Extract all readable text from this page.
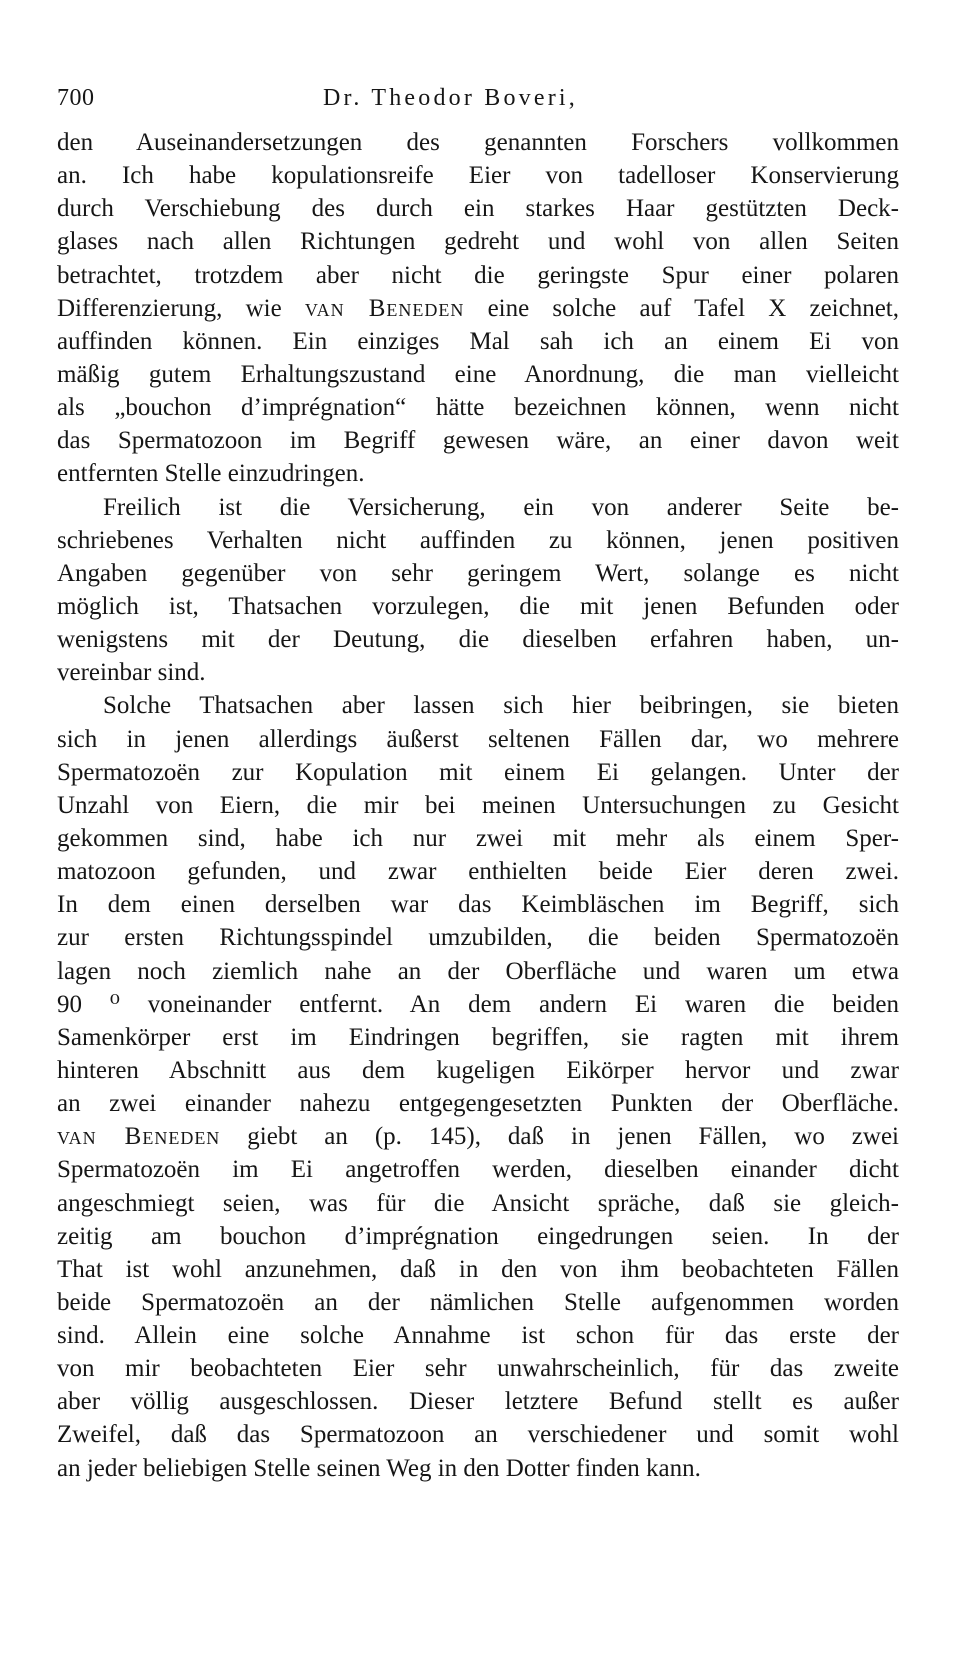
700	Dr. Theodor Boveri,
den Auseinandersetzungen des genannten Forschers vollkommen
an. Ich habe kopulationsreife Eier von tadelloser Konservierung
durch Verschiebung des durch ein starkes Haar gestützten Deck-
glases nach allen Richtungen gedreht und wohl von allen Seiten
betrachtet, trotzdem aber nicht die geringste Spur einer polaren
Differenzierung, wie van Beneden eine solche auf Tafel X zeichnet,
auffinden können. Ein einziges Mal sah ich an einem Ei von
mäßig gutem Erhaltungszustand eine Anordnung, die man vielleicht
als „bouchon d’imprégnation“ hätte bezeichnen können, wenn nicht
das Spermatozoon im Begriff gewesen wäre, an einer davon weit
entfernten Stelle einzudringen.
Freilich ist die Versicherung, ein von anderer Seite be-
schriebenes Verhalten nicht auffinden zu können, jenen positiven
Angaben gegenüber von sehr geringem Wert, solange es nicht
möglich ist, Thatsachen vorzulegen, die mit jenen Befunden oder
wenigstens mit der Deutung, die dieselben erfahren haben, un-
vereinbar sind.
Solche Thatsachen aber lassen sich hier beibringen, sie bieten
sich in jenen allerdings äußerst seltenen Fällen dar, wo mehrere
Spermatozoën zur Kopulation mit einem Ei gelangen. Unter der
Unzahl von Eiern, die mir bei meinen Untersuchungen zu Gesicht
gekommen sind, habe ich nur zwei mit mehr als einem Sper-
matozoon gefunden, und zwar enthielten beide Eier deren zwei.
In dem einen derselben war das Keimbläschen im Begriff, sich
zur ersten Richtungsspindel umzubilden, die beiden Spermatozoën
lagen noch ziemlich nahe an der Oberfläche und waren um etwa
90 ⁰ voneinander entfernt. An dem andern Ei waren die beiden
Samenkörper erst im Eindringen begriffen, sie ragten mit ihrem
hinteren Abschnitt aus dem kugeligen Eikörper hervor und zwar
an zwei einander nahezu entgegengesetzten Punkten der Oberfläche.
van Beneden giebt an (p. 145), daß in jenen Fällen, wo zwei
Spermatozoën im Ei angetroffen werden, dieselben einander dicht
angeschmiegt seien, was für die Ansicht spräche, daß sie gleich-
zeitig am bouchon d’imprégnation eingedrungen seien. In der
That ist wohl anzunehmen, daß in den von ihm beobachteten Fällen
beide Spermatozoën an der nämlichen Stelle aufgenommen worden
sind. Allein eine solche Annahme ist schon für das erste der
von mir beobachteten Eier sehr unwahrscheinlich, für das zweite
aber völlig ausgeschlossen. Dieser letztere Befund stellt es außer
Zweifel, daß das Spermatozoon an verschiedener und somit wohl
an jeder beliebigen Stelle seinen Weg in den Dotter finden kann.
